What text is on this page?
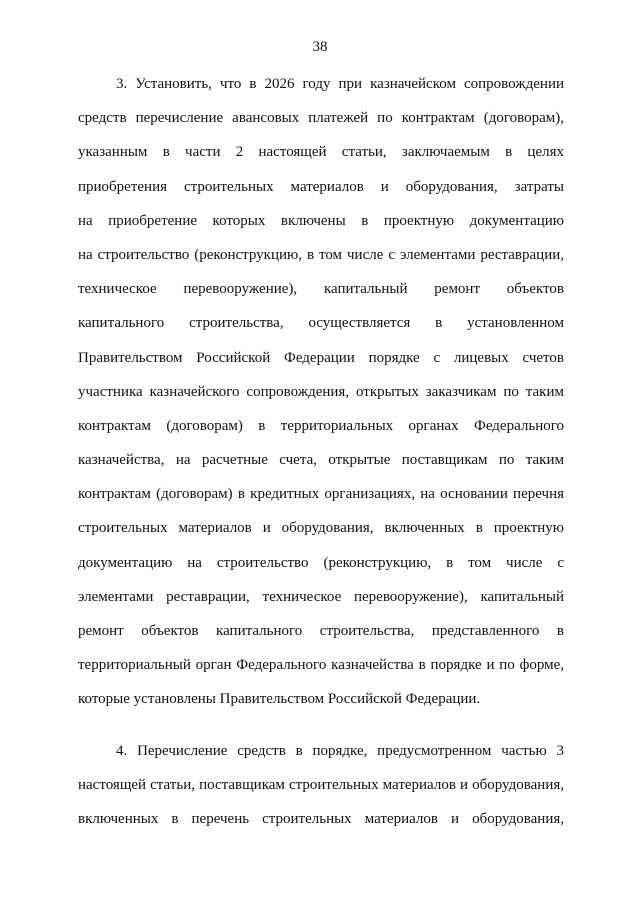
38
3. Установить, что в 2026 году при казначейском сопровождении
средств перечисление авансовых платежей по контрактам (договорам),
указанным в части 2 настоящей статьи, заключаемым в целях
приобретения строительных материалов и оборудования, затраты
на приобретение которых включены в проектную документацию
на строительство (реконструкцию, в том числе с элементами реставрации,
техническое перевооружение), капитальный ремонт объектов
капитального строительства, осуществляется в установленном
Правительством Российской Федерации порядке с лицевых счетов
участника казначейского сопровождения, открытых заказчикам по таким
контрактам (договорам) в территориальных органах Федерального
казначейства, на расчетные счета, открытые поставщикам по таким
контрактам (договорам) в кредитных организациях, на основании перечня
строительных материалов и оборудования, включенных в проектную
документацию на строительство (реконструкцию, в том числе с
элементами реставрации, техническое перевооружение), капитальный
ремонт объектов капитального строительства, представленного в
территориальный орган Федерального казначейства в порядке и по форме,
которые установлены Правительством Российской Федерации.
4. Перечисление средств в порядке, предусмотренном частью 3
настоящей статьи, поставщикам строительных материалов и оборудования,
включенных в перечень строительных материалов и оборудования,
